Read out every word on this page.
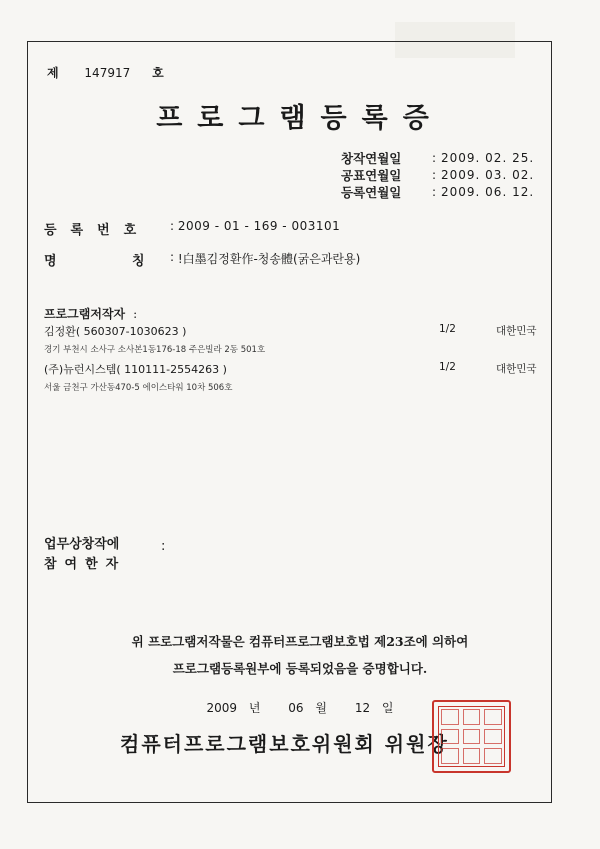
제 147917 호
프로그램등록증
창작연월일	: 2009. 02. 25.
공표연월일	: 2009. 03. 02.
등록연월일	: 2009. 06. 12.
등록번호	: 2009 - 01 - 169 - 003101
명	칭 : !白墨김정환作-청송體(굵은과란용)
프로그램저작자 :
김정환( 560307-1030623 )
경기 부천시 소사구 소사본1동176-18 주은빌라 2동 501호
1/2	대한민국
(주)뉴런시스템( 110111-2554263 )
서울 금천구 가산동470-5 에이스타워 10차 506호
1/2	대한민국
업무상창작에
참여한자
:
위 프로그램저작물은 컴퓨터프로그램보호법 제23조에 의하여
프로그램등록원부에 등록되었음을 증명합니다.
2009 년 06 월 12 일
컴퓨터프로그램보호위원회 위원장
